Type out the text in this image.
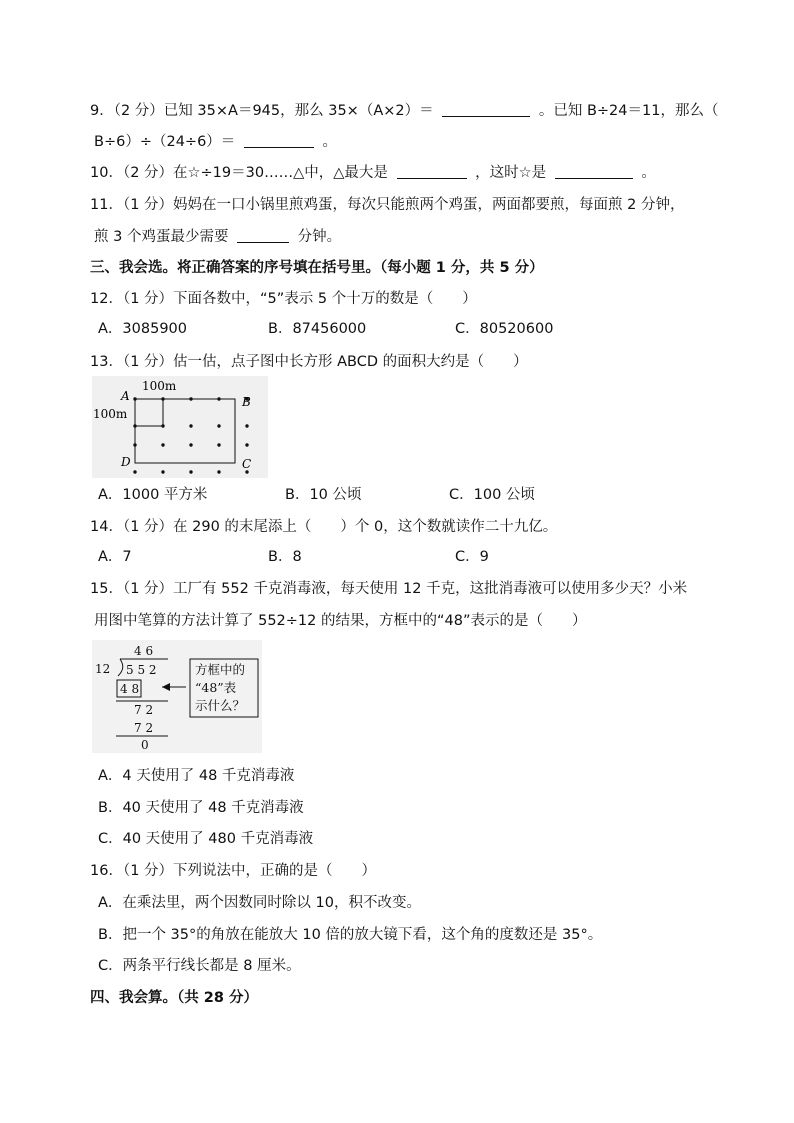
9．（2 分）已知 35×A＝945，那么 35×（A×2）＝	。已知 B÷24＝11，那么（
B÷6）÷（24÷6）＝	。
10．（2 分）在☆÷19＝30……△中，△最大是	，这时☆是	。
11．（1 分）妈妈在一口小锅里煎鸡蛋，每次只能煎两个鸡蛋，两面都要煎，每面煎 2 分钟，
煎 3 个鸡蛋最少需要	分钟。
三、我会选。将正确答案的序号填在括号里。（每小题 1 分，共 5 分）
12．（1 分）下面各数中，“5”表示 5 个十万的数是（　　）
A．3085900	B．87456000	C．80520600
13．（1 分）估一估，点子图中长方形 ABCD 的面积大约是（　　）
100m
100m
A	B
C
D
A．1000 平方米	B．10 公顷	C．100 公顷
14．（1 分）在 290 的末尾添上（　　）个 0，这个数就读作二十九亿。
A．7	B．8	C．9
15．（1 分）工厂有 552 千克消毒液，每天使用 12 千克，这批消毒液可以使用多少天？小米
用图中笔算的方法计算了 552÷12 的结果，方框中的“48”表示的是（　　）
4 6
12 5 5 2
4 8
7 2
7 2
0
方框中的
“48”表
示什么？
A．4 天使用了 48 千克消毒液
B．40 天使用了 48 千克消毒液
C．40 天使用了 480 千克消毒液
16．（1 分）下列说法中，正确的是（　　）
A．在乘法里，两个因数同时除以 10，积不改变。
B．把一个 35°的角放在能放大 10 倍的放大镜下看，这个角的度数还是 35°。
C．两条平行线长都是 8 厘米。
四、我会算。（共 28 分）
